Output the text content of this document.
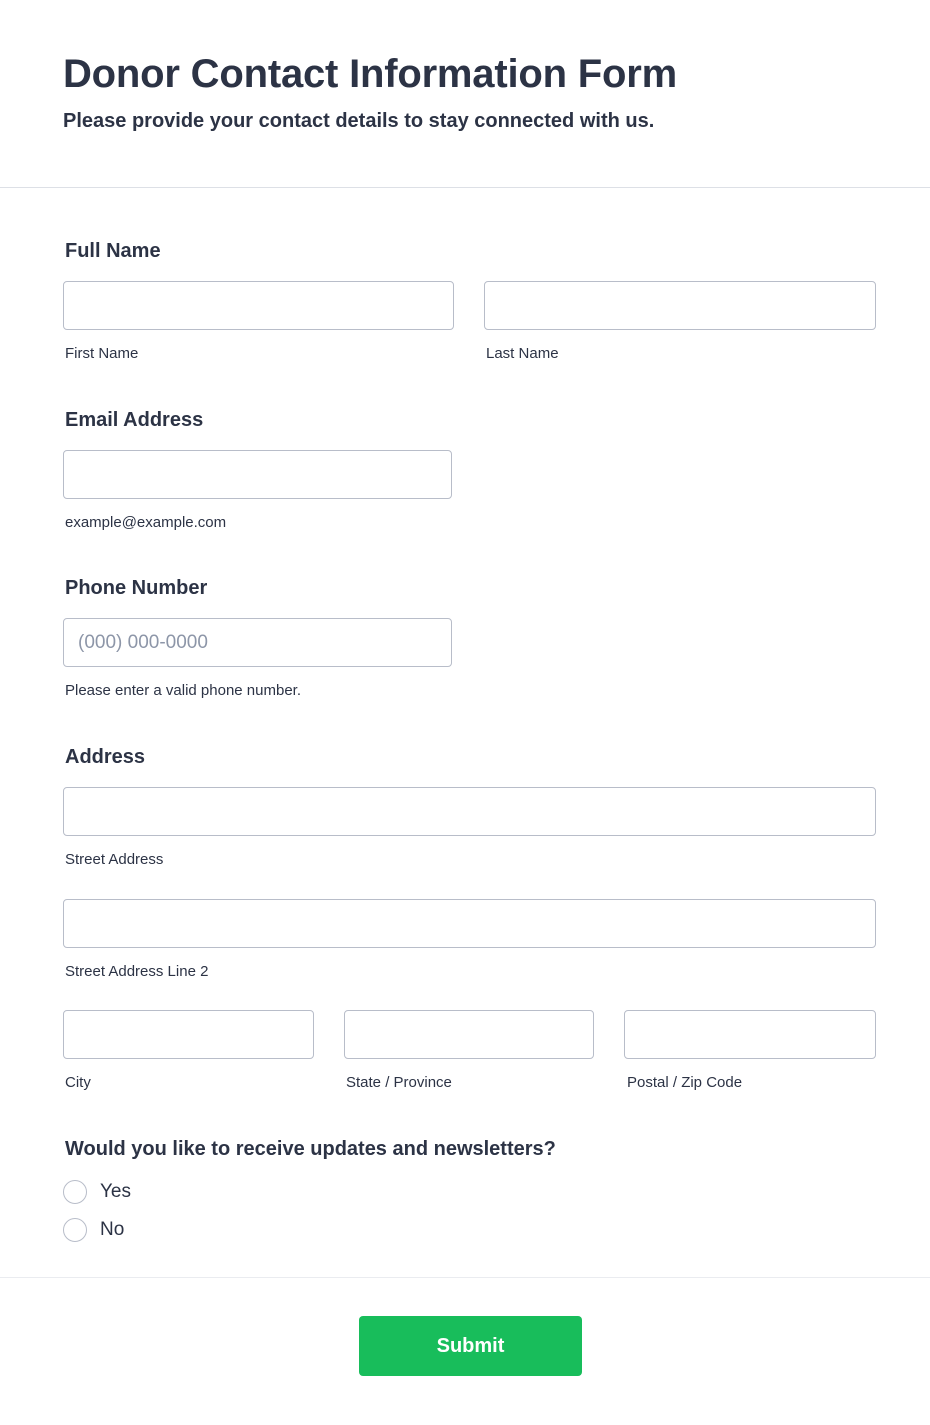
Donor Contact Information Form
Please provide your contact details to stay connected with us.
Full Name
First Name	Last Name
Email Address
example@example.com
Phone Number
(000) 000-0000
Please enter a valid phone number.
Address
Street Address
Street Address Line 2
City	State / Province	Postal / Zip Code
Would you like to receive updates and newsletters?
Yes
No
Submit
